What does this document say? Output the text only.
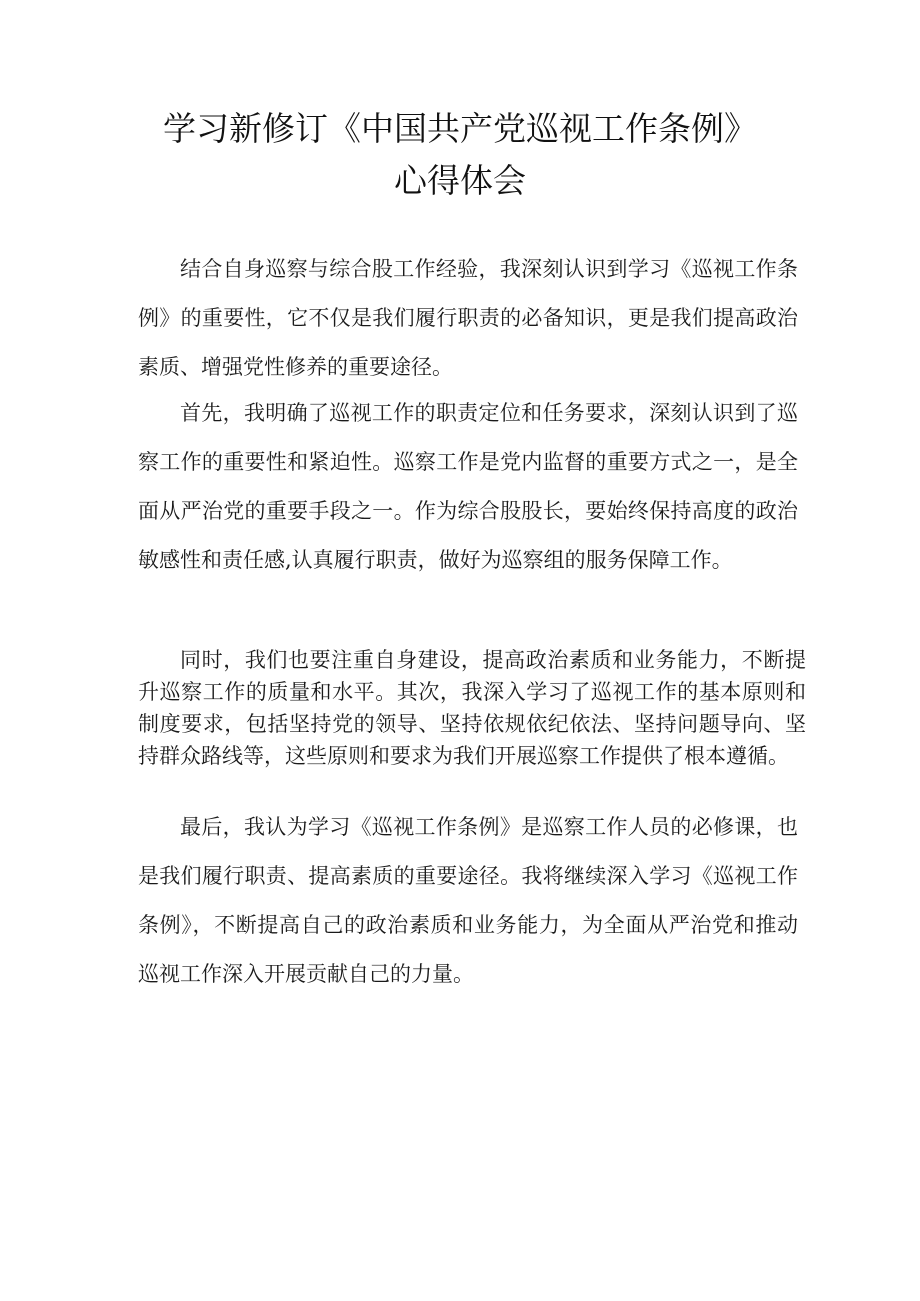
学习新修订《中国共产党巡视工作条例》
心得体会

结合自身巡察与综合股工作经验，我深刻认识到学习《巡视工作条例》的重要性，它不仅是我们履行职责的必备知识，更是我们提高政治素质、增强党性修养的重要途径。

首先，我明确了巡视工作的职责定位和任务要求，深刻认识到了巡察工作的重要性和紧迫性。巡察工作是党内监督的重要方式之一，是全面从严治党的重要手段之一。作为综合股股长，要始终保持高度的政治敏感性和责任感,认真履行职责，做好为巡察组的服务保障工作。

同时，我们也要注重自身建设，提高政治素质和业务能力，不断提升巡察工作的质量和水平。其次，我深入学习了巡视工作的基本原则和制度要求，包括坚持党的领导、坚持依规依纪依法、坚持问题导向、坚持群众路线等，这些原则和要求为我们开展巡察工作提供了根本遵循。

最后，我认为学习《巡视工作条例》是巡察工作人员的必修课，也是我们履行职责、提高素质的重要途径。我将继续深入学习《巡视工作条例》，不断提高自己的政治素质和业务能力，为全面从严治党和推动巡视工作深入开展贡献自己的力量。
